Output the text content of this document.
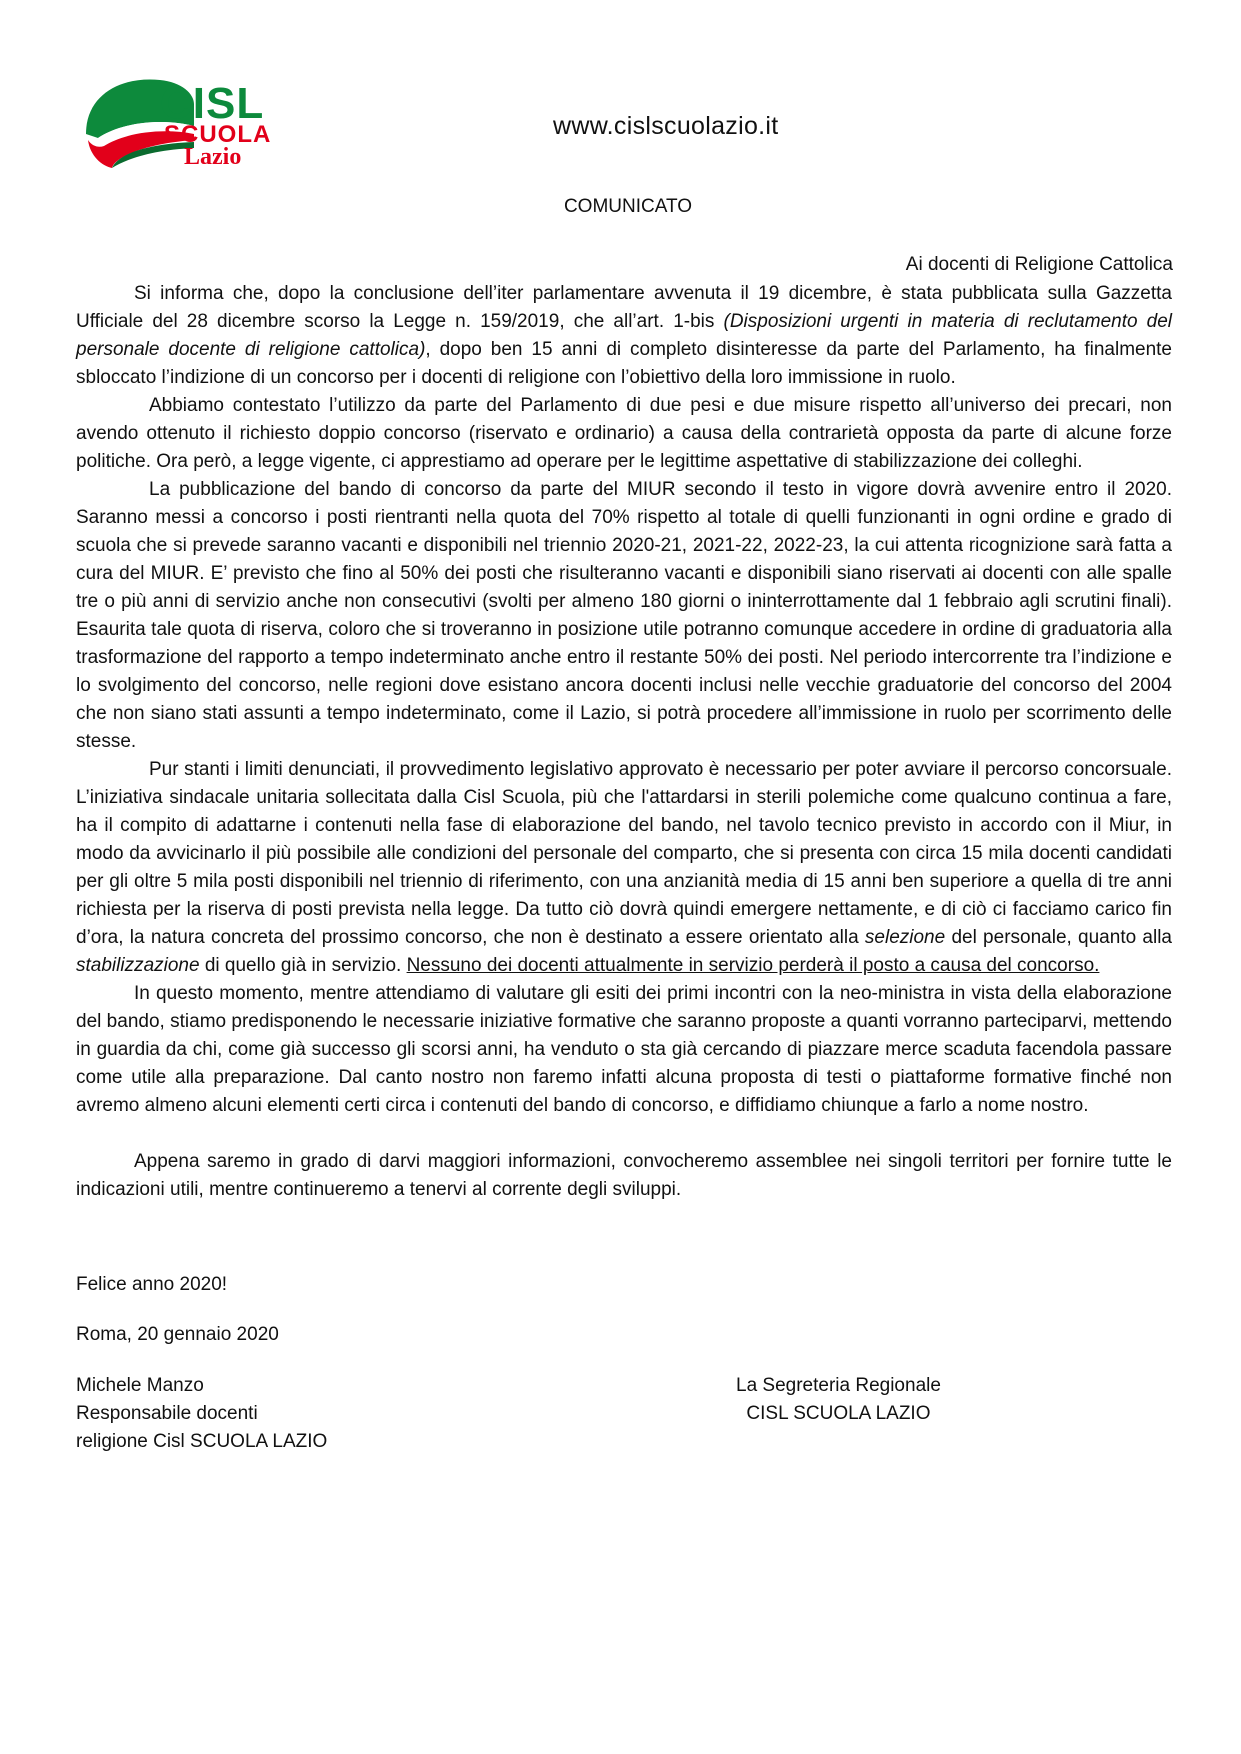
CISL
SCUOLA
Lazio
www.cislscuolazio.it
COMUNICATO
Ai docenti di Religione Cattolica

Si informa che, dopo la conclusione dell’iter parlamentare avvenuta il 19 dicembre, è stata pubblicata sulla Gazzetta Ufficiale del 28 dicembre scorso la Legge n. 159/2019, che all’art. 1-bis (Disposizioni urgenti in materia di reclutamento del personale docente di religione cattolica), dopo ben 15 anni di completo disinteresse da parte del Parlamento, ha finalmente sbloccato l’indizione di un concorso per i docenti di religione con l’obiettivo della loro immissione in ruolo.

Abbiamo contestato l’utilizzo da parte del Parlamento di due pesi e due misure rispetto all’universo dei precari, non avendo ottenuto il richiesto doppio concorso (riservato e ordinario) a causa della contrarietà opposta da parte di alcune forze politiche. Ora però, a legge vigente, ci apprestiamo ad operare per le legittime aspettative di stabilizzazione dei colleghi.

La pubblicazione del bando di concorso da parte del MIUR secondo il testo in vigore dovrà avvenire entro il 2020. Saranno messi a concorso i posti rientranti nella quota del 70% rispetto al totale di quelli funzionanti in ogni ordine e grado di scuola che si prevede saranno vacanti e disponibili nel triennio 2020-21, 2021-22, 2022-23, la cui attenta ricognizione sarà fatta a cura del MIUR. E’ previsto che fino al 50% dei posti che risulteranno vacanti e disponibili siano riservati ai docenti con alle spalle tre o più anni di servizio anche non consecutivi (svolti per almeno 180 giorni o ininterrottamente dal 1 febbraio agli scrutini finali). Esaurita tale quota di riserva, coloro che si troveranno in posizione utile potranno comunque accedere in ordine di graduatoria alla trasformazione del rapporto a tempo indeterminato anche entro il restante 50% dei posti. Nel periodo intercorrente tra l’indizione e lo svolgimento del concorso, nelle regioni dove esistano ancora docenti inclusi nelle vecchie graduatorie del concorso del 2004 che non siano stati assunti a tempo indeterminato, come il Lazio, si potrà procedere all’immissione in ruolo per scorrimento delle stesse.

Pur stanti i limiti denunciati, il provvedimento legislativo approvato è necessario per poter avviare il percorso concorsuale. L’iniziativa sindacale unitaria sollecitata dalla Cisl Scuola, più che l'attardarsi in sterili polemiche come qualcuno continua a fare, ha il compito di adattarne i contenuti nella fase di elaborazione del bando, nel tavolo tecnico previsto in accordo con il Miur, in modo da avvicinarlo il più possibile alle condizioni del personale del comparto, che si presenta con circa 15 mila docenti candidati per gli oltre 5 mila posti disponibili nel triennio di riferimento, con una anzianità media di 15 anni ben superiore a quella di tre anni richiesta per la riserva di posti prevista nella legge. Da tutto ciò dovrà quindi emergere nettamente, e di ciò ci facciamo carico fin d’ora, la natura concreta del prossimo concorso, che non è destinato a essere orientato alla selezione del personale, quanto alla stabilizzazione di quello già in servizio. Nessuno dei docenti attualmente in servizio perderà il posto a causa del concorso.

In questo momento, mentre attendiamo di valutare gli esiti dei primi incontri con la neo-ministra in vista della elaborazione del bando, stiamo predisponendo le necessarie iniziative formative che saranno proposte a quanti vorranno parteciparvi, mettendo in guardia da chi, come già successo gli scorsi anni, ha venduto o sta già cercando di piazzare merce scaduta facendola passare come utile alla preparazione. Dal canto nostro non faremo infatti alcuna proposta di testi o piattaforme formative finché non avremo almeno alcuni elementi certi circa i contenuti del bando di concorso, e diffidiamo chiunque a farlo a nome nostro.

Appena saremo in grado di darvi maggiori informazioni, convocheremo assemblee nei singoli territori per fornire tutte le indicazioni utili, mentre continueremo a tenervi al corrente degli sviluppi.

Felice anno 2020!
Roma, 20 gennaio 2020
Michele Manzo
Responsabile docenti
religione Cisl SCUOLA LAZIO
La Segreteria Regionale
CISL SCUOLA LAZIO
